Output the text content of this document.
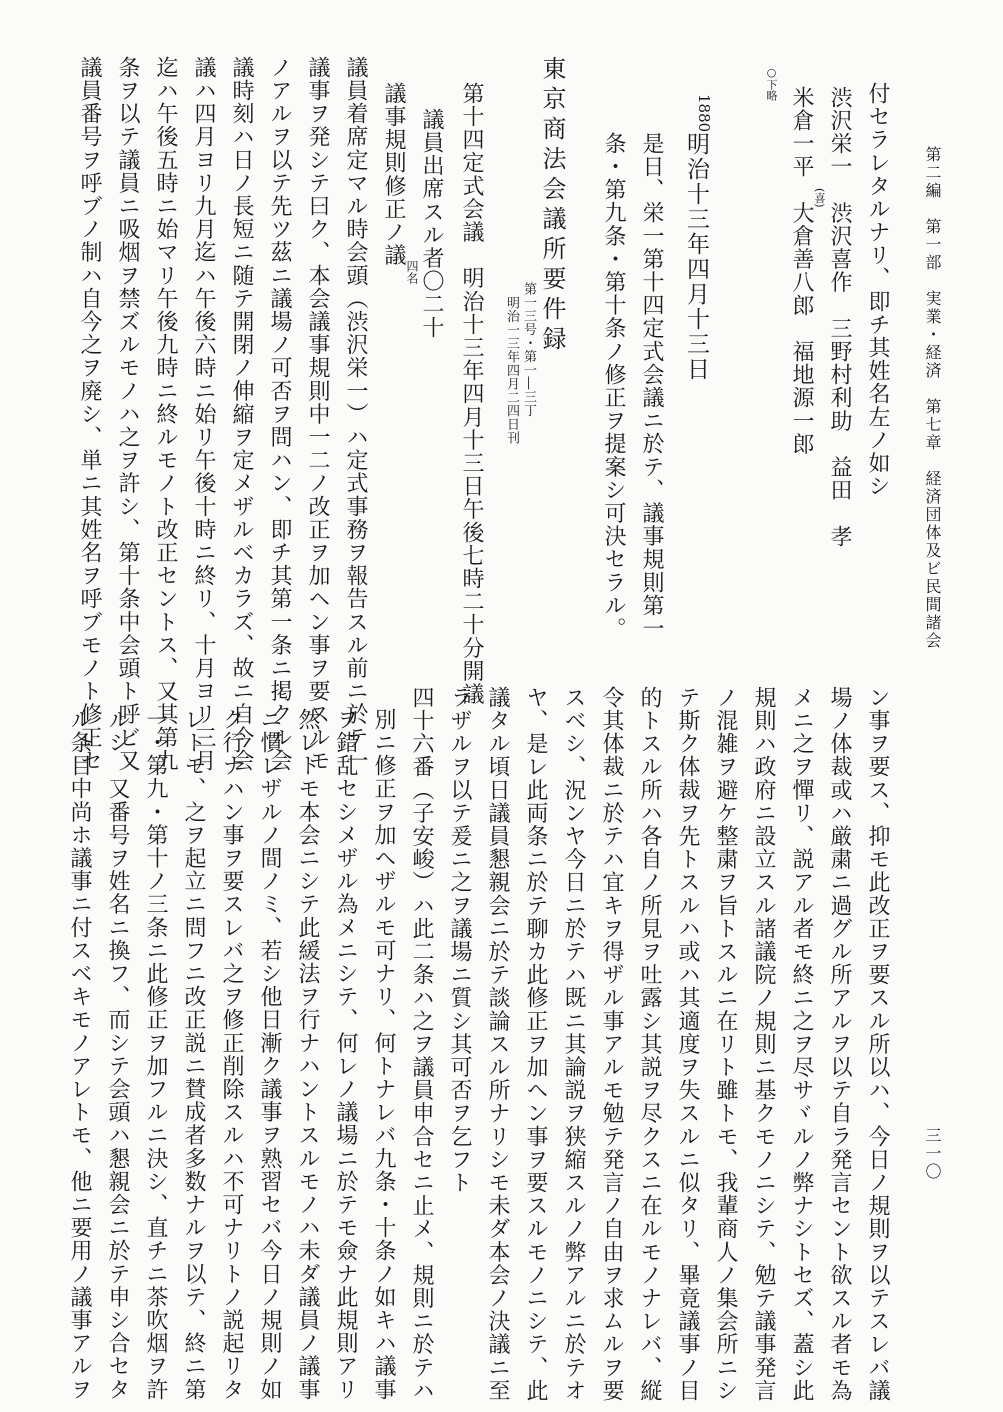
第二編　第一部　実業・経済　第七章　経済団体及ビ民間諸会
三一〇
付セラレタルナリ、即チ其姓名左ノ如シ
渋沢栄一　渋沢喜作　三野村利助　益田　孝
(喜)
米倉一平　大倉善八郎　福地源一郎
○下略
1880
明治十三年四月十三日
是日、栄一第十四定式会議ニ於テ、議事規則第一
条・第九条・第十条ノ修正ヲ提案シ可決セラル。
東京商法会議所要件録
第一三号・第一―三丁
明治一三年四月二四日刊
第十四定式会議　明治十三年四月十三日午後七時二十分開議
議員出席スル者〇二十
四名
議事規則修正ノ議
議員着席定マル時会頭（渋沢栄一）ハ定式事務ヲ報告スル前ニ於テ一
議事ヲ発シテ曰ク、本会議事規則中一二ノ改正ヲ加ヘン事ヲ要スルモ
ノアルヲ以テ先ツ茲ニ議場ノ可否ヲ問ハン、即チ其第一条ニ掲クル会
議時刻ハ日ノ長短ニ随テ開閉ノ伸縮ヲ定メザルベカラズ、故ニ自今会
議ハ四月ヨリ九月迄ハ午後六時ニ始リ午後十時ニ終リ、十月ヨリ三月
迄ハ午後五時ニ始マリ午後九時ニ終ルモノト改正セントス、又其第九
条ヲ以テ議員ニ吸烟ヲ禁ズルモノハ之ヲ許シ、第十条中会頭ト呼ビ又
議員番号ヲ呼ブノ制ハ自今之ヲ廃シ、単ニ其姓名ヲ呼ブモノト修正セ
ン事ヲ要ス、抑モ此改正ヲ要スル所以ハ、今日ノ規則ヲ以テスレバ議
場ノ体裁或ハ厳粛ニ過グル所アルヲ以テ自ラ発言セント欲スル者モ為
メニ之ヲ憚リ、説アル者モ終ニ之ヲ尽サヾルノ弊ナシトセズ、蓋シ此
規則ハ政府ニ設立スル諸議院ノ規則ニ基クモノニシテ、勉テ議事発言
ノ混雑ヲ避ケ整粛ヲ旨トスルニ在リト雖トモ、我輩商人ノ集会所ニシ
テ斯ク体裁ヲ先トスルハ或ハ其適度ヲ失スルニ似タリ、畢竟議事ノ目
的トスル所ハ各自ノ所見ヲ吐露シ其説ヲ尽クスニ在ルモノナレバ、縦
令其体裁ニ於テハ宜キヲ得ザル事アルモ勉テ発言ノ自由ヲ求ムルヲ要
スベシ、況ンヤ今日ニ於テハ既ニ其論説ヲ狭縮スルノ弊アルニ於テオ
ヤ、是レ此両条ニ於テ聊カ此修正ヲ加ヘン事ヲ要スルモノニシテ、此
議タル頃日議員懇親会ニ於テ談論スル所ナリシモ未ダ本会ノ決議ニ至
ラザルヲ以テ爰ニ之ヲ議場ニ質シ其可否ヲ乞フト
四十六番（子安峻）ハ此二条ハ之ヲ議員申合セニ止メ、規則ニ於テハ
別ニ修正ヲ加ヘザルモ可ナリ、何トナレバ九条・十条ノ如キハ議事
ヲ錯乱セシメザル為メニシテ、何レノ議場ニ於テモ僉ナ此規則アリ
然レトモ本会ニシテ此緩法ヲ行ナハントスルモノハ未ダ議員ノ議事
ニ慣レザルノ間ノミ、若シ他日漸ク議事ヲ熟習セバ今日ノ規則ノ如
ク行ナハン事ヲ要スレバ之ヲ修正削除スルハ不可ナリトノ説起リタ
レトモ、之ヲ起立ニ問フニ改正説ニ賛成者多数ナルヲ以テ、終ニ第
一・第九・第十ノ三条ニ此修正ヲ加フルニ決シ、直チニ茶吹烟ヲ許
ルシ、又番号ヲ姓名ニ換フ、而シテ会頭ハ懇親会ニ於テ申シ合セタ
ル条目中尚ホ議事ニ付スベキモノアレトモ、他ニ要用ノ議事アルヲ
